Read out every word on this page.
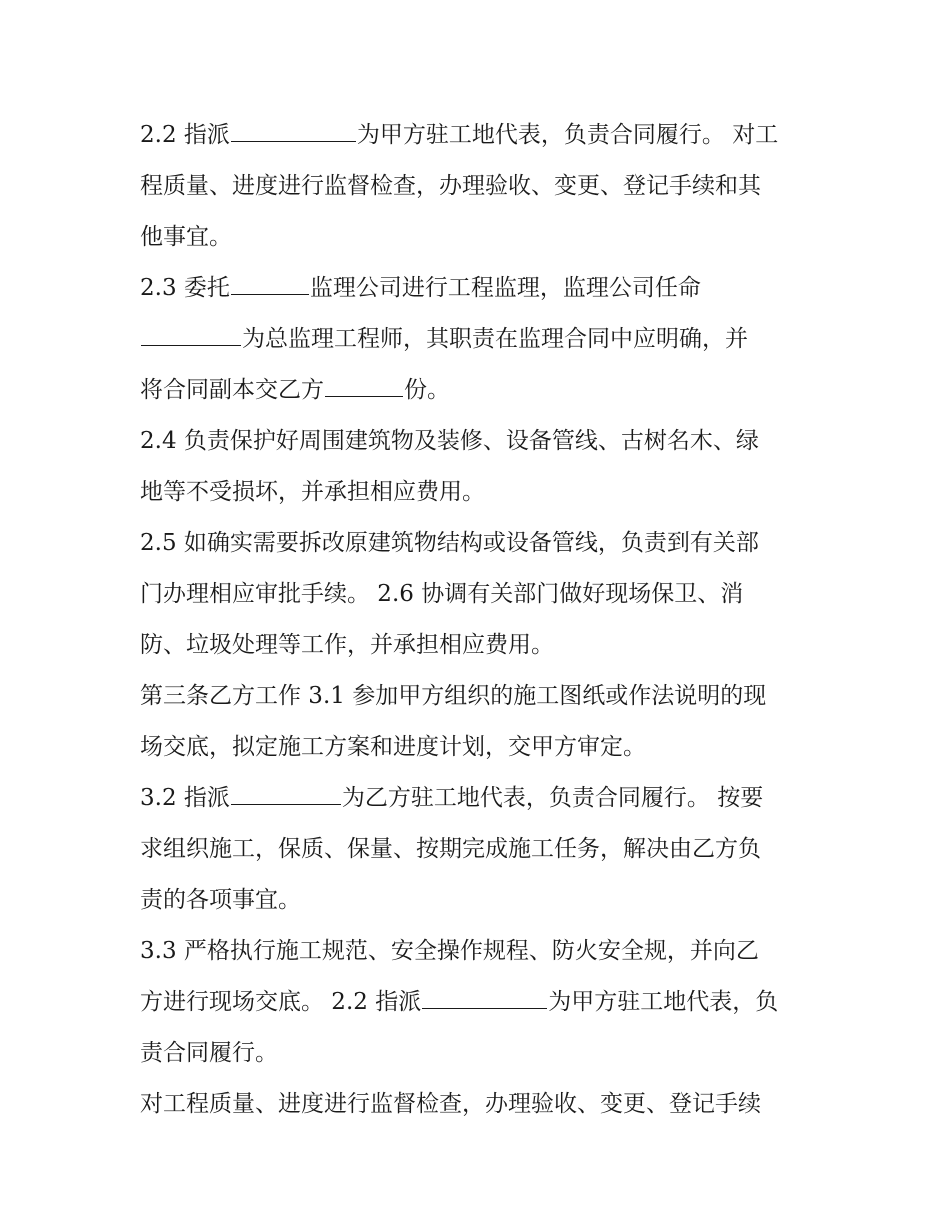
2.2 指派	为甲方驻工地代表，负责合同履行。 对工
程质量、进度进行监督检查，办理验收、变更、登记手续和其
他事宜。
2.3 委托	监理公司进行工程监理，监理公司任命
为总监理工程师，其职责在监理合同中应明确，并
将合同副本交乙方	份。
2.4 负责保护好周围建筑物及装修、设备管线、古树名木、绿
地等不受损坏，并承担相应费用。
2.5 如确实需要拆改原建筑物结构或设备管线，负责到有关部
门办理相应审批手续。 2.6 协调有关部门做好现场保卫、消
防、垃圾处理等工作，并承担相应费用。
第三条乙方工作 3.1 参加甲方组织的施工图纸或作法说明的现
场交底，拟定施工方案和进度计划，交甲方审定。
3.2 指派	为乙方驻工地代表，负责合同履行。 按要
求组织施工，保质、保量、按期完成施工任务，解决由乙方负
责的各项事宜。
3.3 严格执行施工规范、安全操作规程、防火安全规，并向乙
方进行现场交底。 2.2 指派	为甲方驻工地代表，负
责合同履行。
对工程质量、进度进行监督检查，办理验收、变更、登记手续
